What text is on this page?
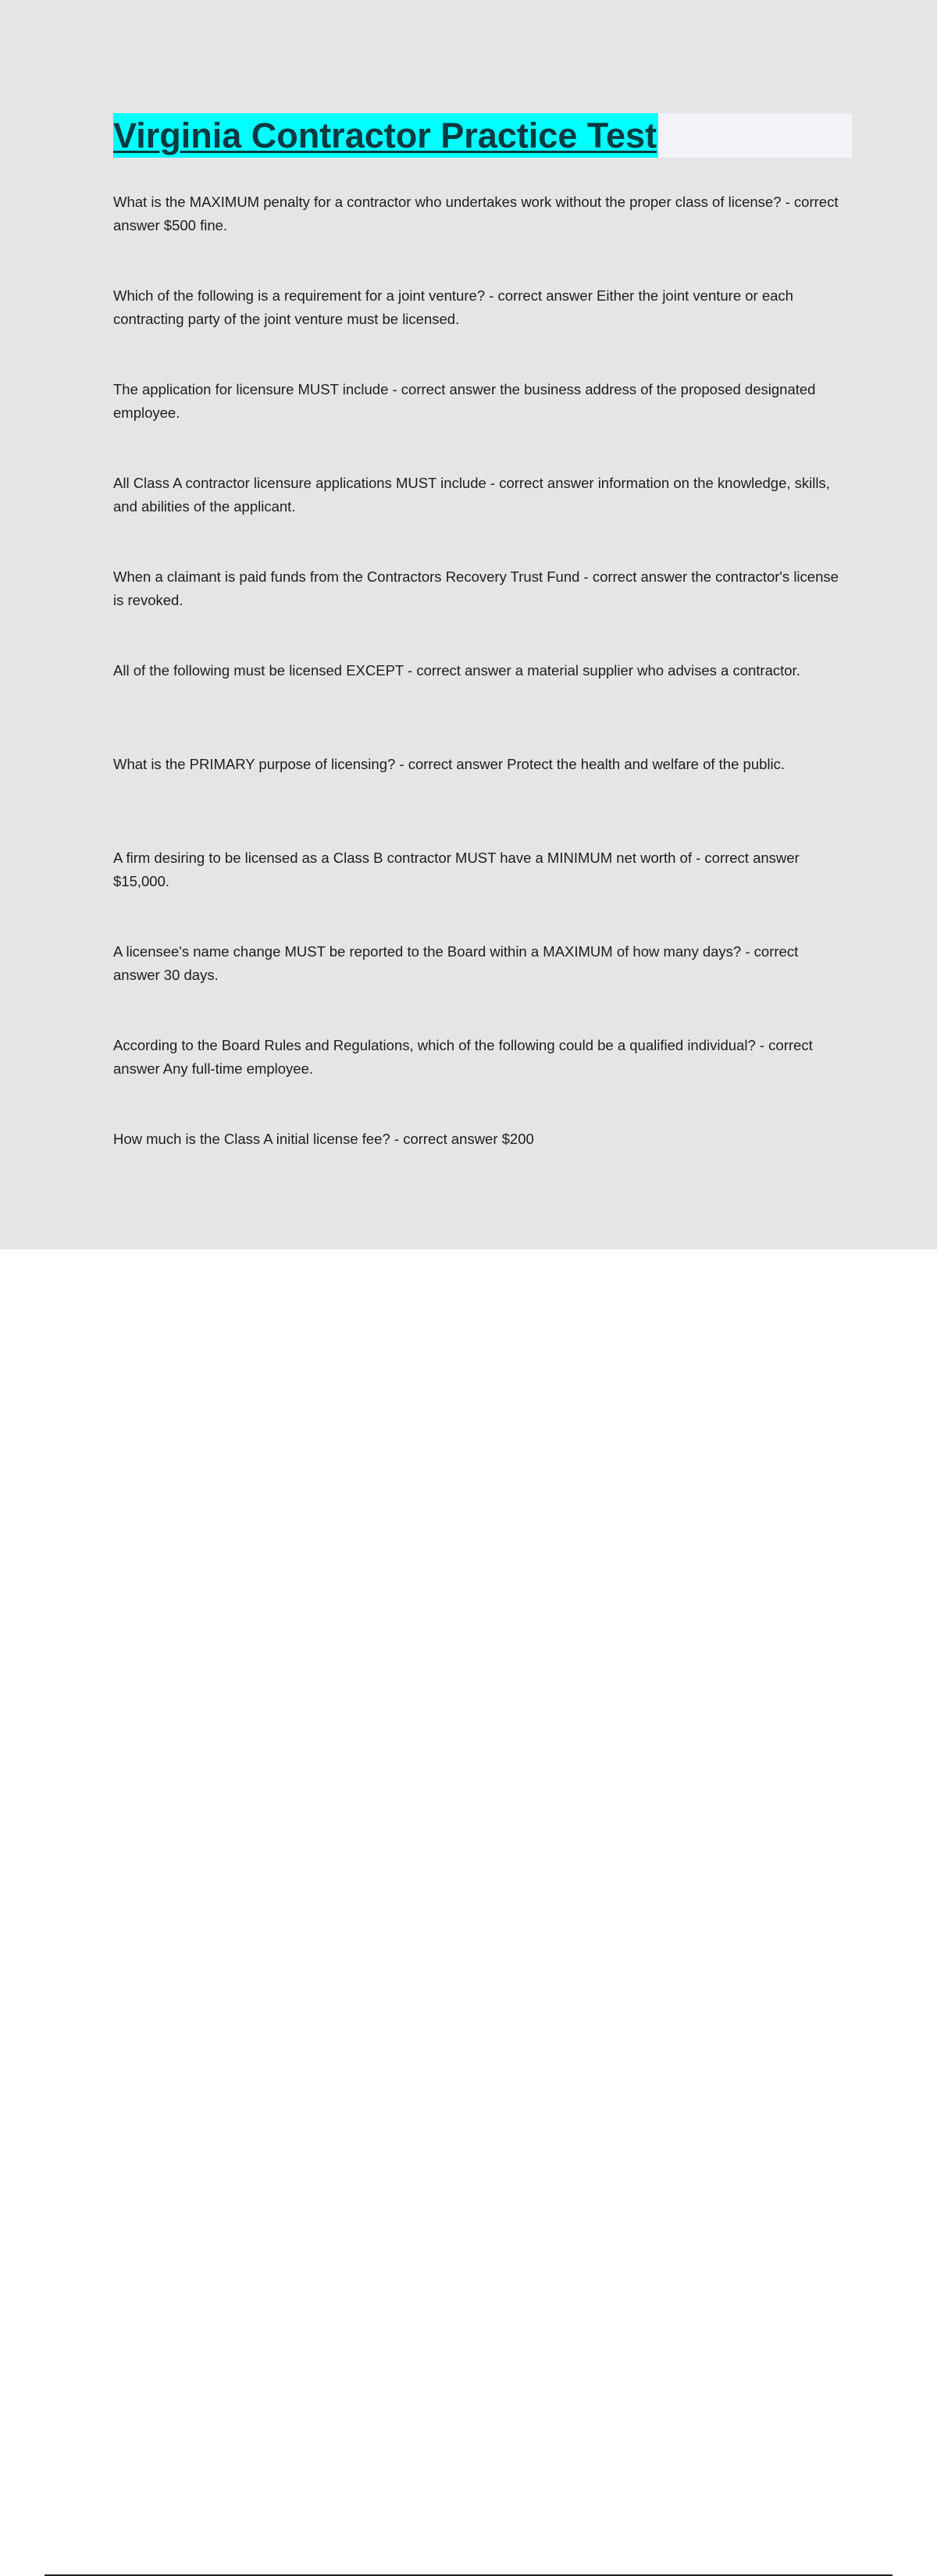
Virginia Contractor Practice Test
What is the MAXIMUM penalty for a contractor who undertakes work without the proper class of license? - correct answer $500 fine.
Which of the following is a requirement for a joint venture? - correct answer Either the joint venture or each contracting party of the joint venture must be licensed.
The application for licensure MUST include - correct answer the business address of the proposed designated employee.
All Class A contractor licensure applications MUST include - correct answer information on the knowledge, skills, and abilities of the applicant.
When a claimant is paid funds from the Contractors Recovery Trust Fund - correct answer the contractor's license is revoked.
All of the following must be licensed EXCEPT - correct answer a material supplier who advises a contractor.
What is the PRIMARY purpose of licensing? - correct answer Protect the health and welfare of the public.
A firm desiring to be licensed as a Class B contractor MUST have a MINIMUM net worth of - correct answer $15,000.
A licensee's name change MUST be reported to the Board within a MAXIMUM of how many days? - correct answer 30 days.
According to the Board Rules and Regulations, which of the following could be a qualified individual? - correct answer Any full-time employee.
How much is the Class A initial license fee? - correct answer $200
